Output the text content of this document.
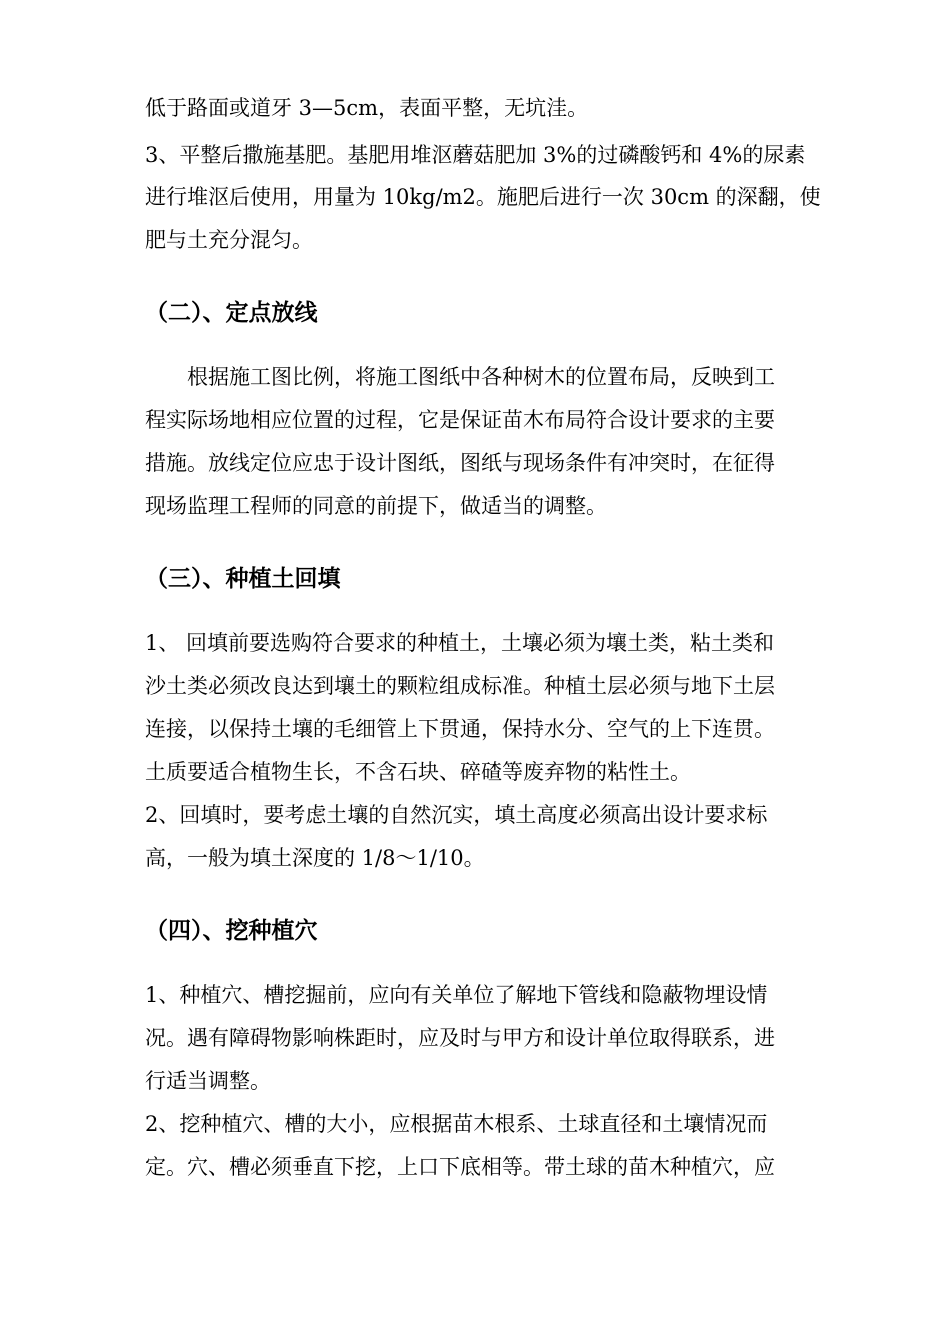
低于路面或道牙 3—5cm，表面平整，无坑洼。
3、平整后撒施基肥。基肥用堆沤蘑菇肥加 3%的过磷酸钙和 4%的尿素
进行堆沤后使用，用量为 10kg/m2。施肥后进行一次 30cm 的深翻，使
肥与土充分混匀。
（二）、定点放线
　　根据施工图比例，将施工图纸中各种树木的位置布局，反映到工
程实际场地相应位置的过程，它是保证苗木布局符合设计要求的主要
措施。放线定位应忠于设计图纸，图纸与现场条件有冲突时，在征得
现场监理工程师的同意的前提下，做适当的调整。
（三）、种植土回填
1、 回填前要选购符合要求的种植土，土壤必须为壤土类，粘土类和
沙土类必须改良达到壤土的颗粒组成标准。种植土层必须与地下土层
连接，以保持土壤的毛细管上下贯通，保持水分、空气的上下连贯。
土质要适合植物生长，不含石块、碎碴等废弃物的粘性土。
2、回填时，要考虑土壤的自然沉实，填土高度必须高出设计要求标
高，一般为填土深度的 1/8～1/10。
（四）、挖种植穴
1、种植穴、槽挖掘前，应向有关单位了解地下管线和隐蔽物埋设情
况。遇有障碍物影响株距时，应及时与甲方和设计单位取得联系，进
行适当调整。
2、挖种植穴、槽的大小，应根据苗木根系、土球直径和土壤情况而
定。穴、槽必须垂直下挖，上口下底相等。带土球的苗木种植穴，应
